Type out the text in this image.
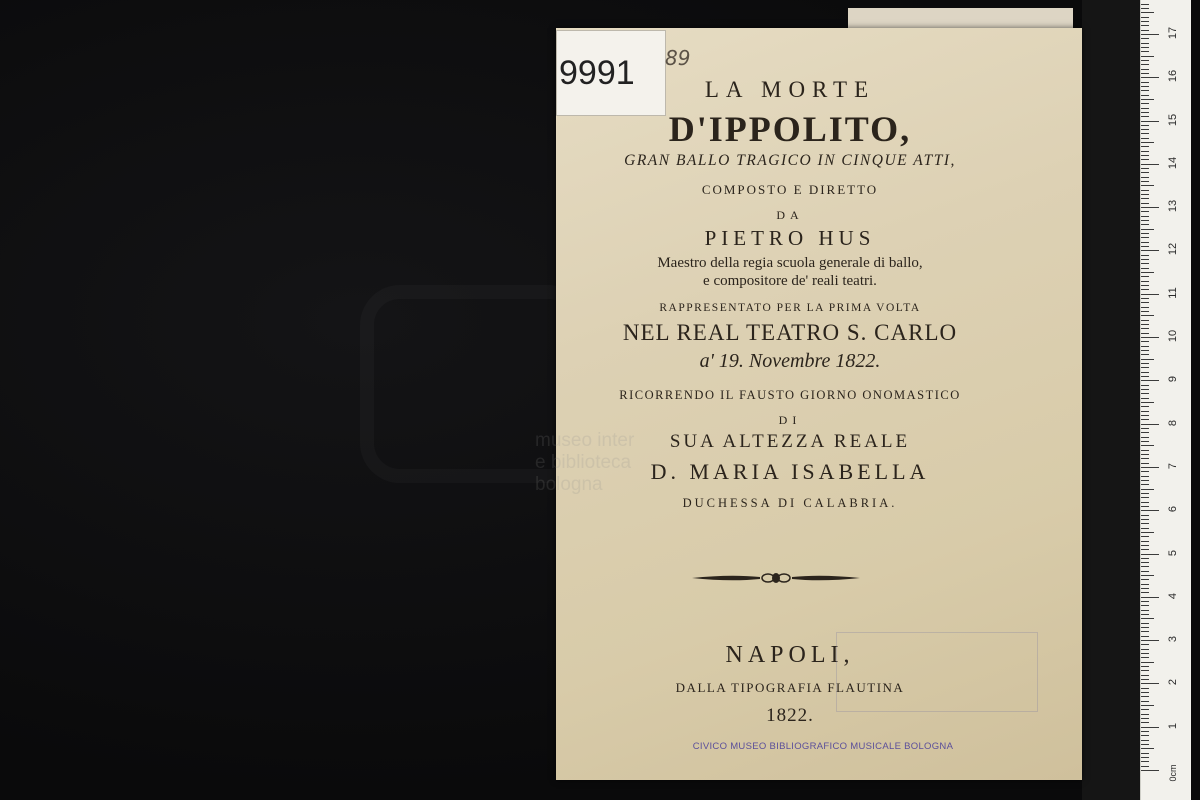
9991 89
LA MORTE
D'IPPOLITO,
GRAN BALLO TRAGICO IN CINQUE ATTI,
COMPOSTO E DIRETTO
DA
PIETRO HUS
Maestro della regia scuola generale di ballo,
e compositore de' reali teatri.
RAPPRESENTATO PER LA PRIMA VOLTA
NEL REAL TEATRO S. CARLO
a' 19. Novembre 1822.
RICORRENDO IL FAUSTO GIORNO ONOMASTICO
DI
SUA ALTEZZA REALE
D. MARIA ISABELLA
DUCHESSA DI CALABRIA.
NAPOLI,
DALLA TIPOGRAFIA FLAUTINA
1822.
CIVICO MUSEO BIBLIOGRAFICO MUSICALE BOLOGNA
museo inter
e biblioteca
bologna
0cm
1
2
3
4
5
6
7
8
9
10
11
12
13
14
15
16
17
